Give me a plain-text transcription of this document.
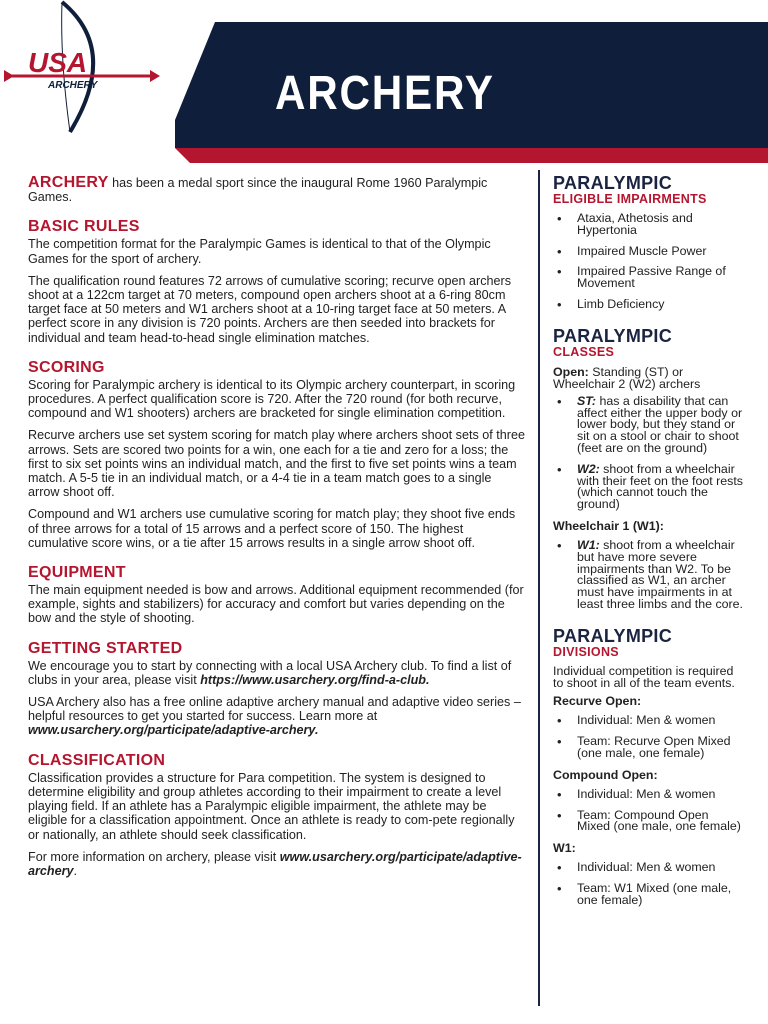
USA
ARCHERY	ARCHERY

ARCHERY has been a medal sport since the inaugural Rome 1960 Paralympic Games.

BASIC RULES

The competition format for the Paralympic Games is identical to that of the Olympic Games for the sport of archery.

The qualification round features 72 arrows of cumulative scoring; recurve open archers shoot at a 122cm target at 70 meters, compound open archers shoot at a 6-ring 80cm target face at 50 meters and W1 archers shoot at a 10-ring target face at 50 meters. A perfect score in any division is 720 points. Archers are then seeded into brackets for individual and team head-to-head single elimination matches.

SCORING

Scoring for Paralympic archery is identical to its Olympic archery counterpart, in scoring procedures. A perfect qualification score is 720. After the 720 round (for both recurve, compound and W1 shooters) archers are bracketed for single elimination competition.

Recurve archers use set system scoring for match play where archers shoot sets of three arrows. Sets are scored two points for a win, one each for a tie and zero for a loss; the first to six set points wins an individual match, and the first to five set points wins a team match. A 5-5 tie in an individual match, or a 4-4 tie in a team match goes to a single arrow shoot off.

Compound and W1 archers use cumulative scoring for match play; they shoot five ends of three arrows for a total of 15 arrows and a perfect score of 150. The highest cumulative score wins, or a tie after 15 arrows results in a single arrow shoot off.

EQUIPMENT

The main equipment needed is bow and arrows. Additional equipment recommended (for example, sights and stabilizers) for accuracy and comfort but varies depending on the bow and the style of shooting.

GETTING STARTED

We encourage you to start by connecting with a local USA Archery club. To find a list of clubs in your area, please visit https://www.usarchery.org/find-a-club.

USA Archery also has a free online adaptive archery manual and adaptive video series – helpful resources to get you started for success. Learn more at www.usarchery.org/participate/adaptive-archery.

CLASSIFICATION

Classification provides a structure for Para competition. The system is designed to determine eligibility and group athletes according to their impairment to create a level playing field. If an athlete has a Paralympic eligible impairment, the athlete may be eligible for a classification appointment. Once an athlete is ready to com-pete regionally or nationally, an athlete should seek classification.

For more information on archery, please visit www.usarchery.org/participate/adaptive-archery.

PARALYMPIC
ELIGIBLE IMPAIRMENTS
• Ataxia, Athetosis and Hypertonia
• Impaired Muscle Power
• Impaired Passive Range of Movement
• Limb Deficiency
PARALYMPIC
CLASSES

Open: Standing (ST) or Wheelchair 2 (W2) archers

• ST: has a disability that can affect either the upper body or lower body, but they stand or sit on a stool or chair to shoot (feet are on the ground)
• W2: shoot from a wheelchair with their feet on the foot rests (which cannot touch the ground)

Wheelchair 1 (W1):

• W1: shoot from a wheelchair but have more severe impairments than W2. To be classified as W1, an archer must have impairments in at least three limbs and the core.
PARALYMPIC
DIVISIONS

Individual competition is required to shoot in all of the team events.

Recurve Open:

• Individual: Men & women
• Team: Recurve Open Mixed (one male, one female)

Compound Open:

• Individual: Men & women
• Team: Compound Open Mixed (one male, one female)

W1:

• Individual: Men & women
• Team: W1 Mixed (one male, one female)
